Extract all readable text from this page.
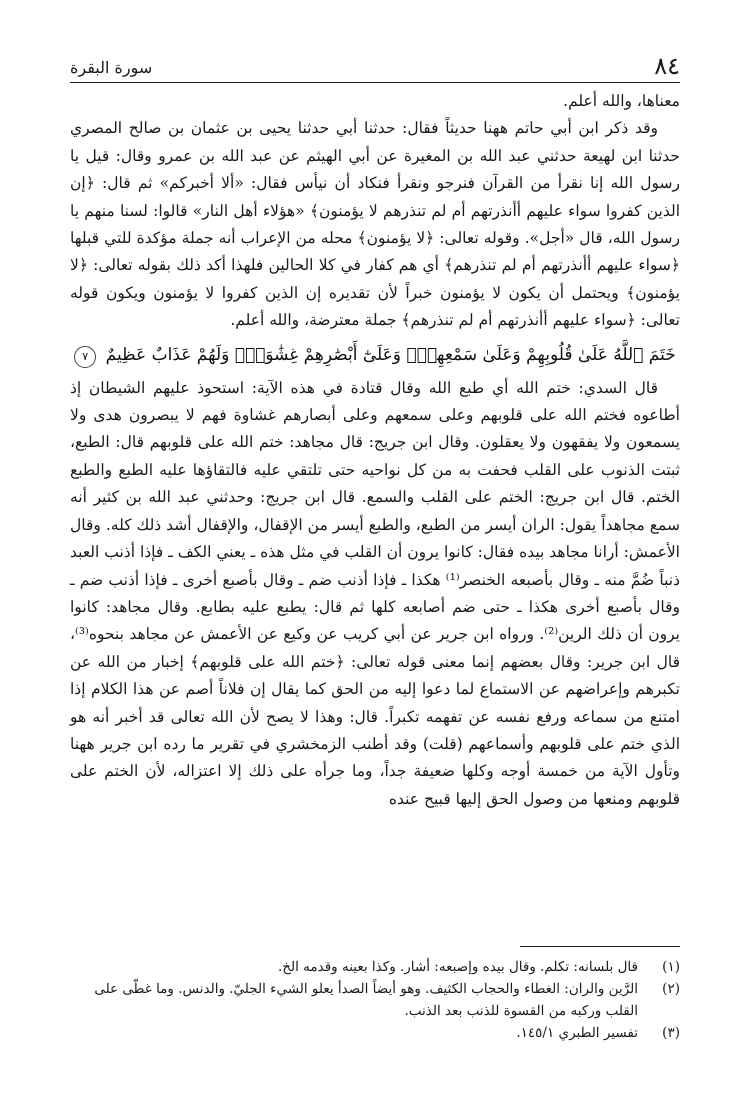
٨٤
سورة البقرة

معناها، والله أعلم.

وقد ذكر ابن أبي حاتم ههنا حديثاً فقال: حدثنا أبي حدثنا يحيى بن عثمان بن صالح المصري حدثنا ابن لهيعة حدثني عبد الله بن المغيرة عن أبي الهيثم عن عبد الله بن عمرو وقال: قيل يا رسول الله إنا نقرأ من القرآن فنرجو ونقرأ فنكاد أن نيأس فقال: «ألا أخبركم» ثم قال: ﴿إن الذين كفروا سواء عليهم أأنذرتهم أم لم تنذرهم لا يؤمنون﴾ «هؤلاء أهل النار» قالوا: لسنا منهم يا رسول الله، قال «أجل». وقوله تعالى: ﴿لا يؤمنون﴾ محله من الإعراب أنه جملة مؤكدة للتي قبلها ﴿سواء عليهم أأنذرتهم أم لم تنذرهم﴾ أي هم كفار في كلا الحالين فلهذا أكد ذلك بقوله تعالى: ﴿لا يؤمنون﴾ ويحتمل أن يكون لا يؤمنون خبراً لأن تقديره إن الذين كفروا لا يؤمنون ويكون قوله تعالى: ﴿سواء عليهم أأنذرتهم أم لم تنذرهم﴾ جملة معترضة، والله أعلم.

خَتَمَ ٱللَّهُ عَلَىٰ قُلُوبِهِمْ وَعَلَىٰ سَمْعِهِمْۖ وَعَلَىٰٓ أَبْصَٰرِهِمْ غِشَٰوَةٌۖ وَلَهُمْ عَذَابٌ عَظِيمٌ ٧

قال السدي: ختم الله أي طبع الله وقال قتادة في هذه الآية: استحوذ عليهم الشيطان إذ أطاعوه فختم الله على قلوبهم وعلى سمعهم وعلى أبصارهم غشاوة فهم لا يبصرون هدى ولا يسمعون ولا يفقهون ولا يعقلون. وقال ابن جريج: قال مجاهد: ختم الله على قلوبهم قال: الطبع، ثبتت الذنوب على القلب فحفت به من كل نواحيه حتى تلتقي عليه فالتقاؤها عليه الطبع والطبع الختم. قال ابن جريج: الختم على القلب والسمع. قال ابن جريج: وحدثني عبد الله بن كثير أنه سمع مجاهداً يقول: الران أيسر من الطبع، والطبع أيسر من الإقفال، والإقفال أشد ذلك كله. وقال الأعمش: أرانا مجاهد بيده فقال: كانوا يرون أن القلب في مثل هذه ـ يعني الكف ـ فإذا أذنب العبد ذنباً ضُمَّ منه ـ وقال بأصبعه الخنصر⁽¹⁾ هكذا ـ فإذا أذنب ضم ـ وقال بأصبع أخرى ـ فإذا أذنب ضم ـ وقال بأصبع أخرى هكذا ـ حتى ضم أصابعه كلها ثم قال: يطبع عليه بطابع. وقال مجاهد: كانوا يرون أن ذلك الرين⁽²⁾. ورواه ابن جرير عن أبي كريب عن وكيع عن الأعمش عن مجاهد بنحوه⁽³⁾، قال ابن جرير: وقال بعضهم إنما معنى قوله تعالى: ﴿ختم الله على قلوبهم﴾ إخبار من الله عن تكبرهم وإعراضهم عن الاستماع لما دعوا إليه من الحق كما يقال إن فلاناً أصم عن هذا الكلام إذا امتنع من سماعه ورفع نفسه عن تفهمه تكبراً. قال: وهذا لا يصح لأن الله تعالى قد أخبر أنه هو الذي ختم على قلوبهم وأسماعهم (قلت) وقد أطنب الزمخشري في تقرير ما رده ابن جرير ههنا وتأول الآية من خمسة أوجه وكلها ضعيفة جداً، وما جرأه على ذلك إلا اعتزاله، لأن الختم على قلوبهم ومنعها من وصول الحق إليها قبيح عنده

(١)
قال بلسانه: تكلم. وقال بيده وإصبعه: أشار. وكذا بعينه وقدمه الخ.
(٢)
الرَّين والران: الغطاء والحجاب الكثيف. وهو أيضاً الصدأ يعلو الشيء الجليّ. والدنس. وما غطّى على القلب وركبه من القسوة للذنب بعد الذنب.
(٣)
تفسير الطبري ١٤٥/١.
